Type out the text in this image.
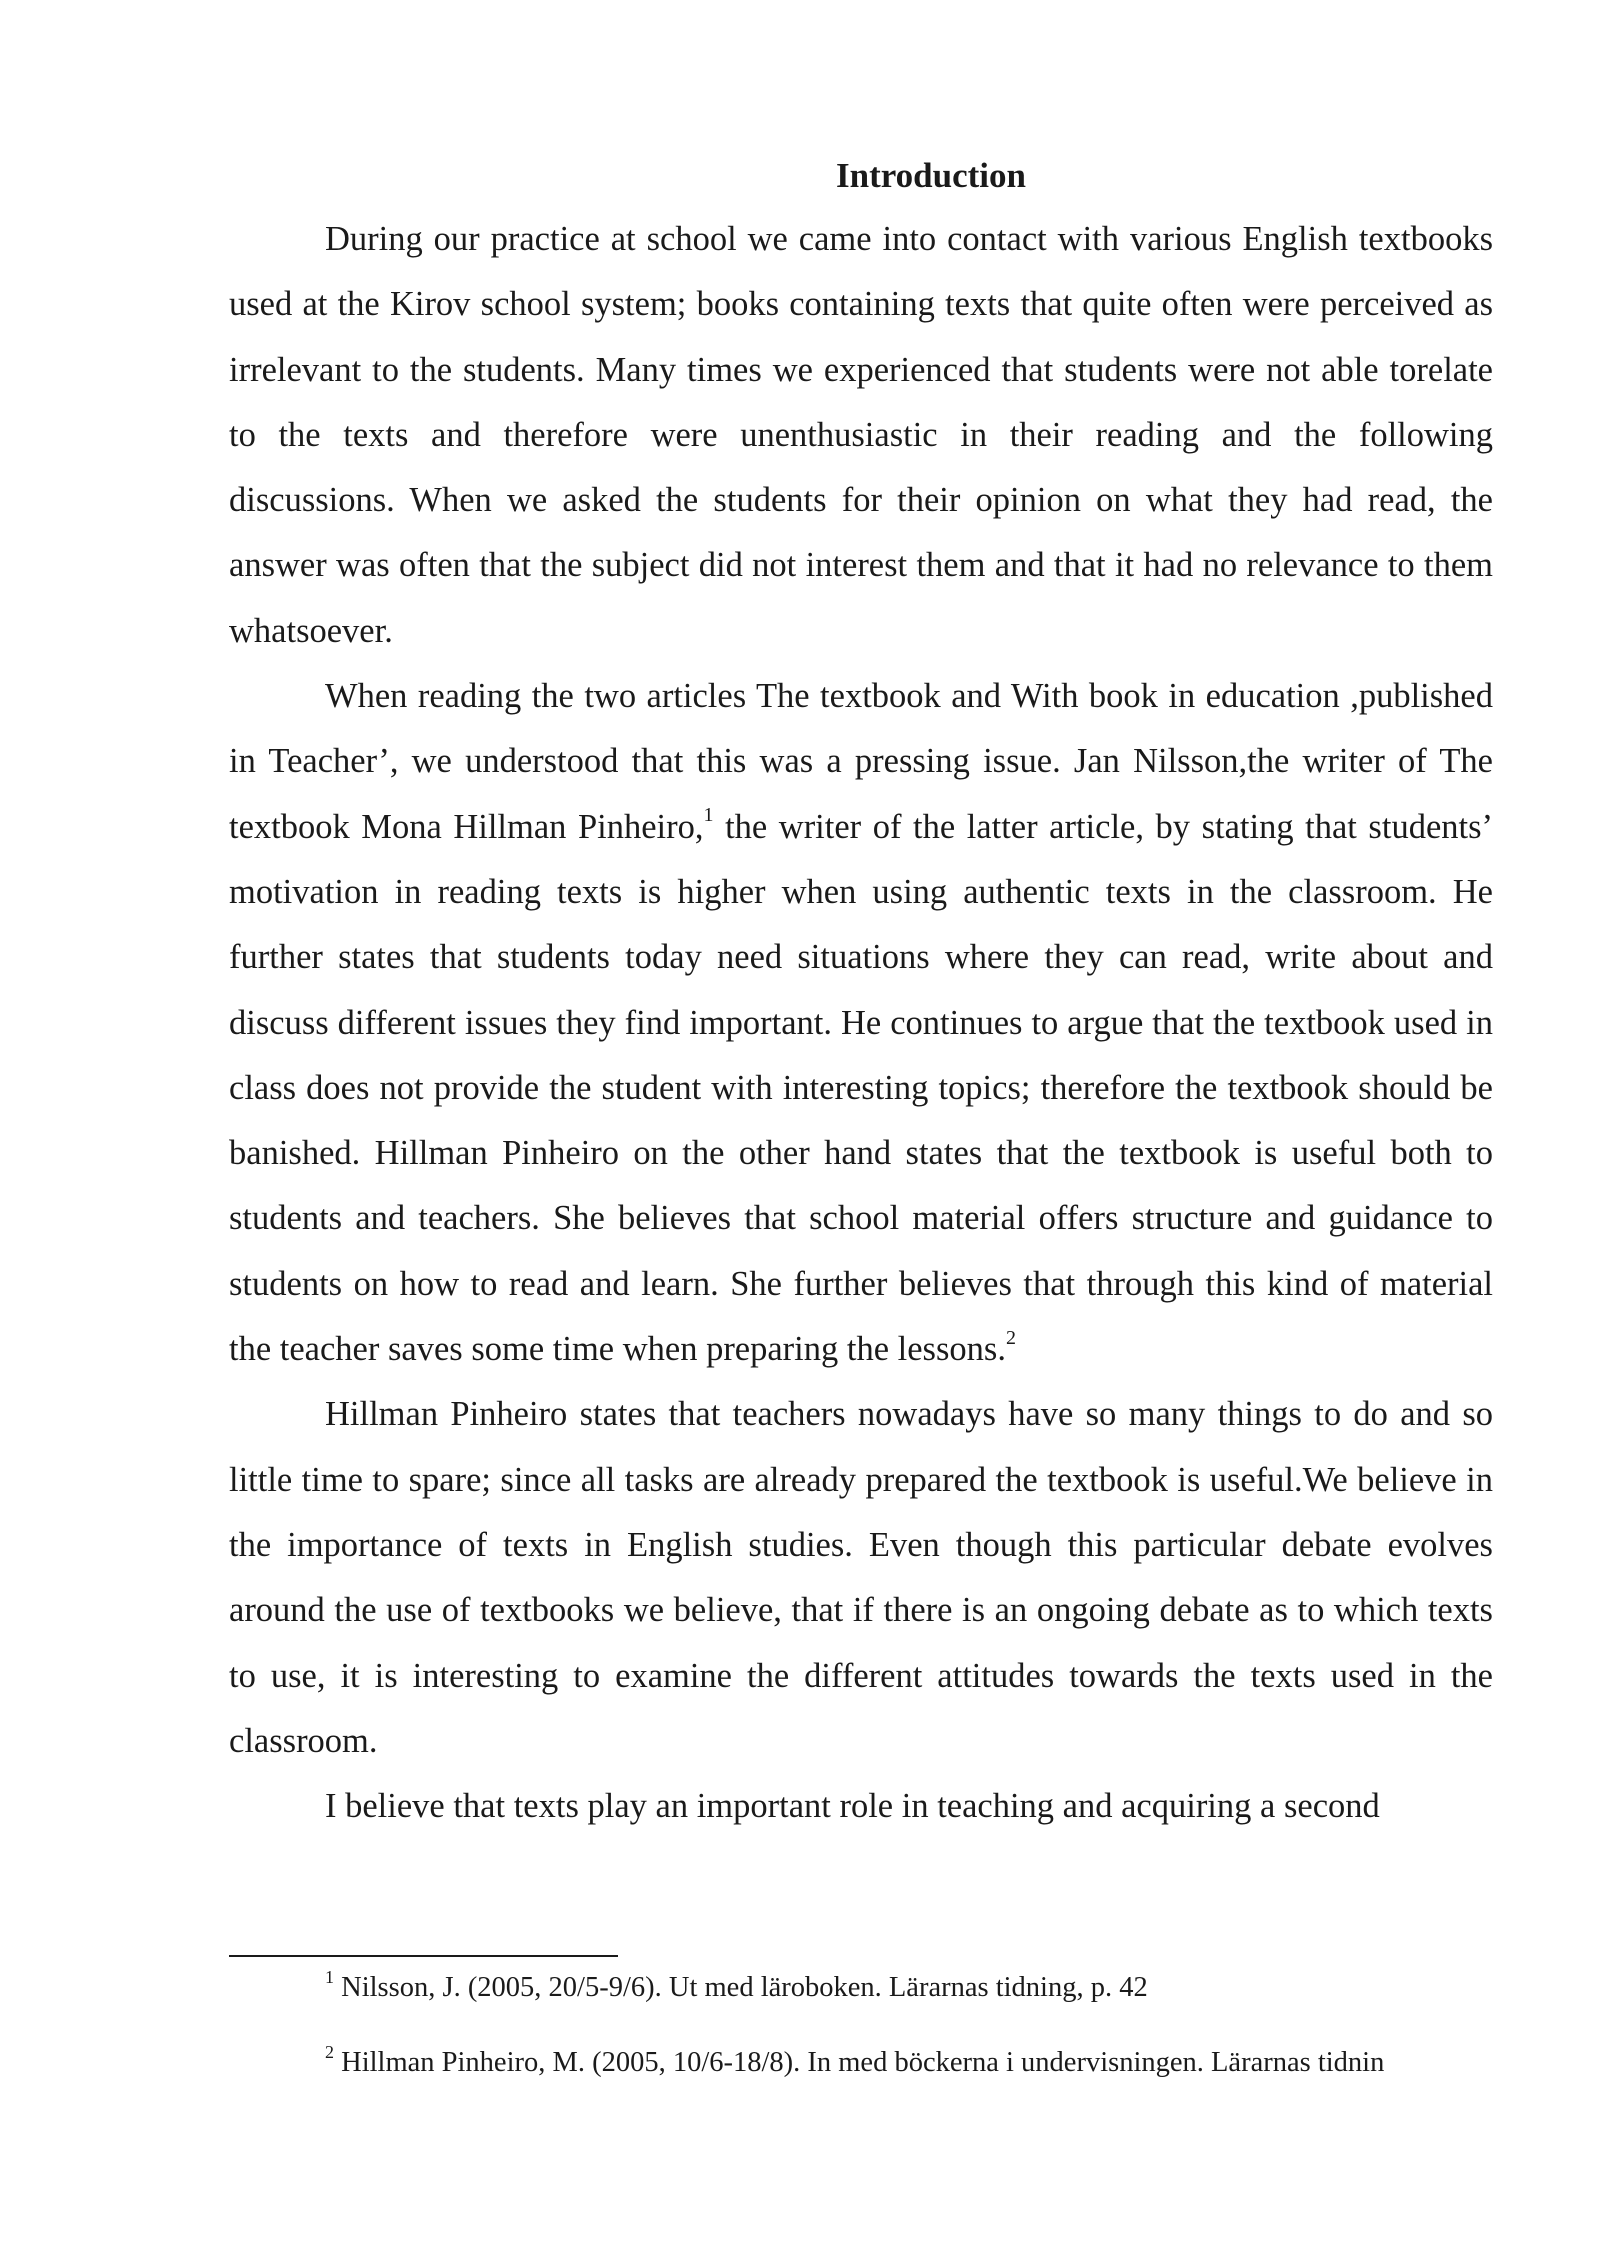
Introduction

During our practice at school we came into contact with various English textbooks used at the Kirov school system; books containing texts that quite often were perceived as irrelevant to the students. Many times we experienced that students were not able torelate to the texts and therefore were unenthusiastic in their reading and the following discussions. When we asked the students for their opinion on what they had read, the answer was often that the subject did not interest them and that it had no relevance to them whatsoever.

When reading the two articles The textbook and With book in education ,published in Teacher’, we understood that this was a pressing issue. Jan Nilsson,the writer of The textbook Mona Hillman Pinheiro,$^1$ the writer of the latter article, by stating that students’ motivation in reading texts is higher when using authentic texts in the classroom. He further states that students today need situations where they can read, write about and discuss different issues they find important. He continues to argue that the textbook used in class does not provide the student with interesting topics; therefore the textbook should be banished. Hillman Pinheiro on the other hand states that the textbook is useful both to students and teachers. She believes that school material offers structure and guidance to students on how to read and learn. She further believes that through this kind of material the teacher saves some time when preparing the lessons.$^2$

Hillman Pinheiro states that teachers nowadays have so many things to do and so little time to spare; since all tasks are already prepared the textbook is useful.We believe in the importance of texts in English studies. Even though this particular debate evolves around the use of textbooks we believe, that if there is an ongoing debate as to which texts to use, it is interesting to examine the different attitudes towards the texts used in the classroom.

I believe that texts play an important role in teaching and acquiring a second

$^1$ Nilsson, J. (2005, 20/5-9/6). Ut med läroboken. Lärarnas tidning, p. 42
$^2$ Hillman Pinheiro, M. (2005, 10/6-18/8). In med böckerna i undervisningen. Lärarnas tidnin
